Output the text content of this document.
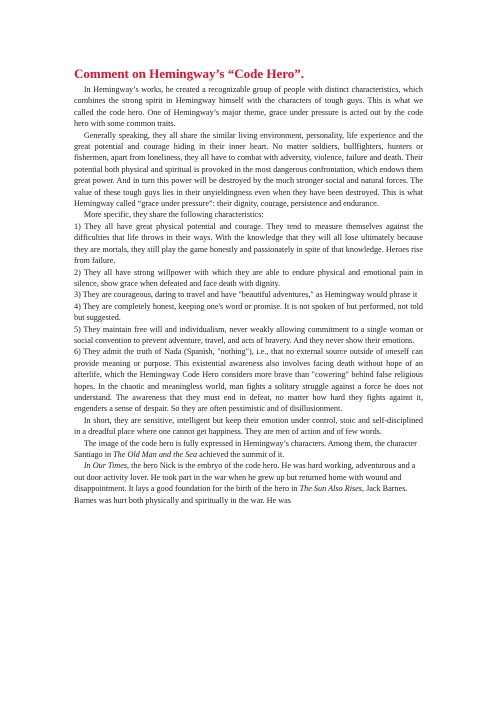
Comment on Hemingway’s “Code Hero”.

In Hemingway’s works, he created a recognizable group of people with distinct characteristics, which combines the strong spirit in Hemingway himself with the characters of tough guys. This is what we called the code hero. One of Hemingway’s major theme, grace under pressure is acted out by the code hero with some common traits.

Generally speaking, they all share the similar living environment, personality, life experience and the great potential and courage hiding in their inner heart. No matter soldiers, bullfighters, hunters or fishermen, apart from loneliness, they all have to combat with adversity, violence, failure and death. Their potential both physical and spiritual is provoked in the most dangerous confrontation, which endows them great power. And in turn this power will be destroyed by the much stronger social and natural forces. The value of these tough guys lies in their unyieldingness even when they have been destroyed. This is what Hemingway called “grace under pressure”: their dignity, courage, persistence and endurance.

More specific, they share the following characteristics:

1) They all have great physical potential and courage. They tend to measure themselves against the difficulties that life throws in their ways. With the knowledge that they will all lose ultimately because they are mortals, they still play the game honestly and passionately in spite of that knowledge. Heroes rise from failure.

2) They all have strong willpower with which they are able to endure physical and emotional pain in silence, show grace when defeated and face death with dignity.

3) They are courageous, daring to travel and have "beautiful adventures," as Hemingway would phrase it

4) They are completely honest, keeping one's word or promise. It is not spoken of but performed, not told but suggested.

5) They maintain free will and individualism, never weakly allowing commitment to a single woman or social convention to prevent adventure, travel, and acts of bravery. And they never show their emotions.

6) They admit the truth of Nada (Spanish, "nothing"), i.e., that no external source outside of oneself can provide meaning or purpose. This existential awareness also involves facing death without hope of an afterlife, which the Hemingway Code Hero considers more brave than "cowering" behind false religious hopes. In the chaotic and meaningless world, man fights a solitary struggle against a force he does not understand. The awareness that they must end in defeat, no matter how hard they fights against it, engenders a sense of despair. So they are often pessimistic and of disillusionment.

In short, they are sensitive, intelligent but keep their emotion under control, stoic and self-disciplined in a dreadful place where one cannot get happiness. They are men of action and of few words.

The image of the code hero is fully expressed in Hemingway’s characters. Among them, the character Santiago in The Old Man and the Sea achieved the summit of it.

In Our Times, the hero Nick is the embryo of the code hero. He was hard working, adventurous and a out door activity lover. He took part in the war when he grew up but returned home with wound and disappointment. It lays a good foundation for the birth of the hero in The Sun Also Rises, Jack Barnes. Barnes was hurt both physically and spiritually in the war. He was
